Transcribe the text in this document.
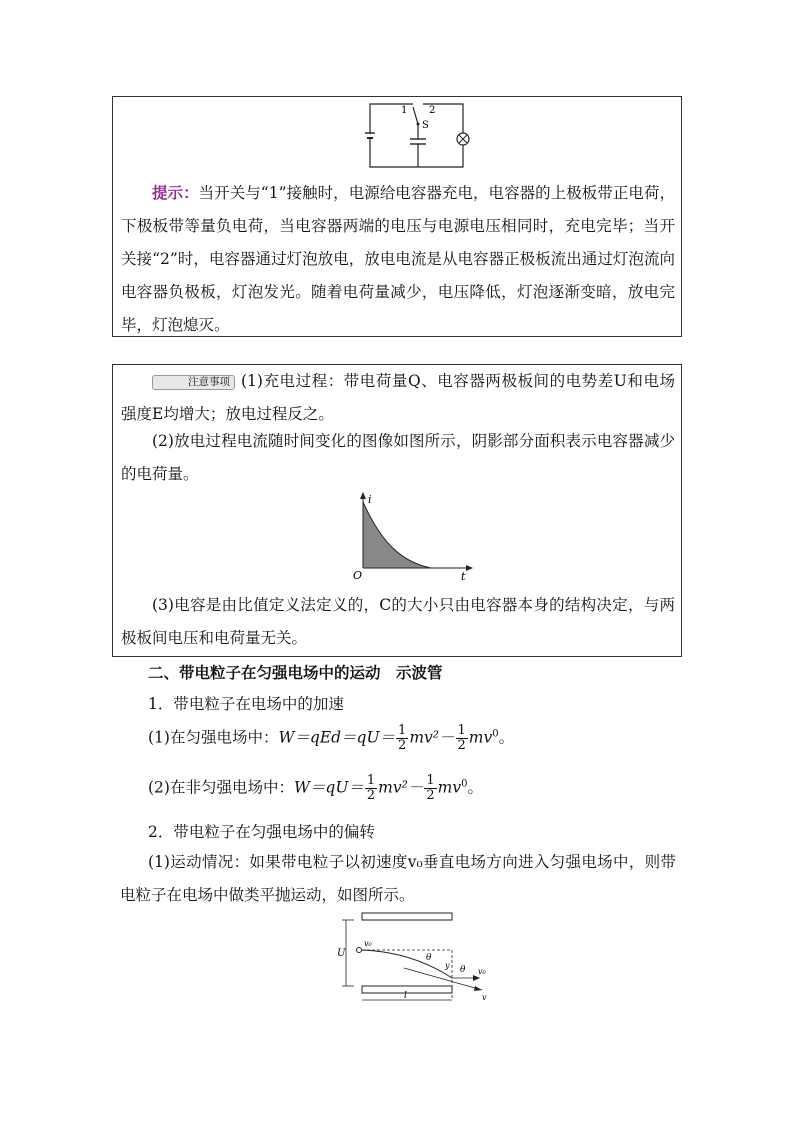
1 2
S
提示：当开关与“1”接触时，电源给电容器充电，电容器的上极板带正电荷，下极板带等量负电荷，当电容器两端的电压与电源电压相同时，充电完毕；当开关接“2”时，电容器通过灯泡放电，放电电流是从电容器正极板流出通过灯泡流向电容器负极板，灯泡发光。随着电荷量减少，电压降低，灯泡逐渐变暗，放电完毕，灯泡熄灭。
注意事项 (1)充电过程：带电荷量Q、电容器两极板间的电势差U和电场强度E均增大；放电过程反之。
(2)放电过程电流随时间变化的图像如图所示，阴影部分面积表示电容器减少的电荷量。
i
t
O
(3)电容是由比值定义法定义的，C的大小只由电容器本身的结构决定，与两极板间电压和电荷量无关。
二、带电粒子在匀强电场中的运动　示波管
1．带电粒子在电场中的加速
(1)在匀强电场中：$W=qEd=qU= \frac{1}{2} mv^2- \frac{1}{2} mv^0$。
(2)在非匀强电场中：$W=qU= \frac{1}{2} mv^2- \frac{1}{2} mv^0$。
2．带电粒子在匀强电场中的偏转
(1)运动情况：如果带电粒子以初速度v₀垂直电场方向进入匀强电场中，则带电粒子在电场中做类平抛运动，如图所示。
U
v₀
v₀
θ
θ
y
l	v
